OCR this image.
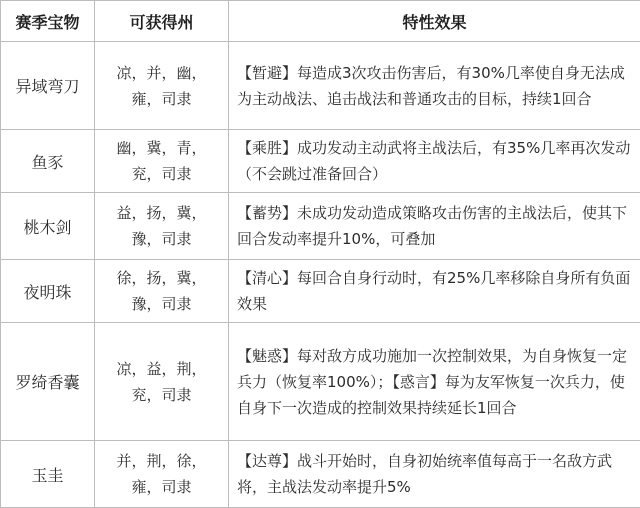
赛季宝物	可获得州	特性效果
异域弯刀	凉，并，幽，雍，司隶	【暂避】每造成3次攻击伤害后，有30%几率使自身无法成为主动战法、追击战法和普通攻击的目标，持续1回合
鱼豕	幽，冀，青，兖，司隶	【乘胜】成功发动主动武将主战法后，有35%几率再次发动（不会跳过准备回合）
桃木剑	益，扬，冀，豫，司隶	【蓄势】未成功发动造成策略攻击伤害的主战法后，使其下回合发动率提升10%，可叠加
夜明珠	徐，扬，冀，豫，司隶	【清心】每回合自身行动时，有25%几率移除自身所有负面效果
罗绮香囊	凉，益，荆，兖，司隶	【魅惑】每对敌方成功施加一次控制效果，为自身恢复一定兵力（恢复率100%）；【惑言】每为友军恢复一次兵力，使自身下一次造成的控制效果持续延长1回合
玉圭	并，荆，徐，雍，司隶	【达尊】战斗开始时，自身初始统率值每高于一名敌方武将，主战法发动率提升5%
